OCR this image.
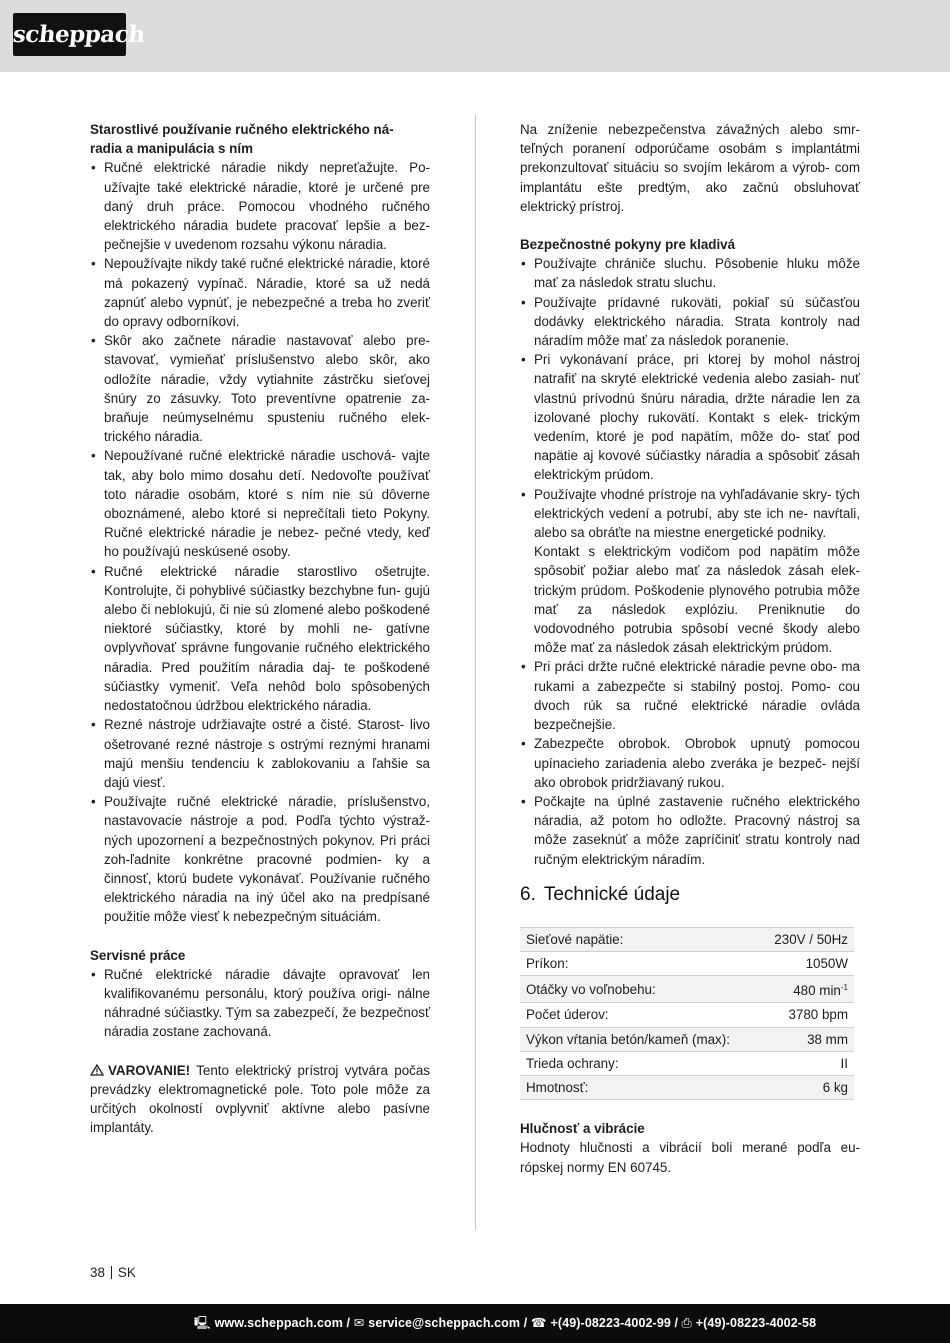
scheppach
Starostlivé používanie ručného elektrického ná-
radia a manipulácia s ním
• Ručné elektrické náradie nikdy nepreťažujte. Po- užívajte také elektrické náradie, ktoré je určené pre daný druh práce. Pomocou vhodného ručného elektrického náradia budete pracovať lepšie a bez- pečnejšie v uvedenom rozsahu výkonu náradia.
• Nepoužívajte nikdy také ručné elektrické náradie, ktoré má pokazený vypínač. Náradie, ktoré sa už nedá zapnúť alebo vypnúť, je nebezpečné a treba ho zveriť do opravy odborníkovi.
• Skôr ako začnete náradie nastavovať alebo pre- stavovať, vymieňať príslušenstvo alebo skôr, ako odložíte náradie, vždy vytiahnite zástrčku sieťovej šnúry zo zásuvky. Toto preventívne opatrenie za- braňuje neúmyselnému spusteniu ručného elek- trického náradia.
• Nepoužívané ručné elektrické náradie uschová- vajte tak, aby bolo mimo dosahu detí. Nedovoľte používať toto náradie osobám, ktoré s ním nie sú dôverne oboznámené, alebo ktoré si neprečítali tieto Pokyny. Ručné elektrické náradie je nebez- pečné vtedy, keď ho používajú neskúsené osoby.
• Ručné elektrické náradie starostlivo ošetrujte. Kontrolujte, či pohyblivé súčiastky bezchybne fun- gujú alebo či neblokujú, či nie sú zlomené alebo poškodené niektoré súčiastky, ktoré by mohli ne- gatívne ovplyvňovať správne fungovanie ručného elektrického náradia. Pred použitím náradia daj- te poškodené súčiastky vymeniť. Veľa nehôd bolo spôsobených nedostatočnou údržbou elektrického náradia.
• Rezné nástroje udržiavajte ostré a čisté. Starost- livo ošetrované rezné nástroje s ostrými reznými hranami majú menšiu tendenciu k zablokovaniu a ľahšie sa dajú viesť.
• Používajte ručné elektrické náradie, príslušenstvo, nastavovacie nástroje a pod. Podľa týchto výstraž- ných upozornení a bezpečnostných pokynov. Pri práci zoh-ľadnite konkrétne pracovné podmien- ky a činnosť, ktorú budete vykonávať. Používanie ručného elektrického náradia na iný účel ako na predpísané použitie môže viesť k nebezpečným situáciám.
Servisné práce
• Ručné elektrické náradie dávajte opravovať len kvalifikovanému personálu, ktorý používa origi- nálne náhradné súčiastky. Tým sa zabezpečí, že bezpečnosť náradia zostane zachovaná.

VAROVANIE! Tento elektrický prístroj vytvára počas prevádzky elektromagnetické pole. Toto pole môže za určitých okolností ovplyvniť aktívne alebo pasívne implantáty.

Na zníženie nebezpečenstva závažných alebo smr- teľných poranení odporúčame osobám s implantátmi prekonzultovať situáciu so svojím lekárom a výrob- com implantátu ešte predtým, ako začnú obsluhovať elektrický prístroj.

Bezpečnostné pokyny pre kladivá
• Používajte chrániče sluchu. Pôsobenie hluku môže mať za následok stratu sluchu.
• Používajte prídavné rukoväti, pokiaľ sú súčasťou dodávky elektrického náradia. Strata kontroly nad náradím môže mať za následok poranenie.
• Pri vykonávaní práce, pri ktorej by mohol nástroj natrafiť na skryté elektrické vedenia alebo zasiah- nuť vlastnú prívodnú šnúru náradia, držte náradie len za izolované plochy rukovätí. Kontakt s elek- trickým vedením, ktoré je pod napätím, môže do- stať pod napätie aj kovové súčiastky náradia a spôsobiť zásah elektrickým prúdom.
• Používajte vhodné prístroje na vyhľadávanie skry- tých elektrických vedení a potrubí, aby ste ich ne- navŕtali, alebo sa obráťte na miestne energetické podniky.
Kontakt s elektrickým vodičom pod napätím môže spôsobiť požiar alebo mať za následok zásah elek- trickým prúdom. Poškodenie plynového potrubia môže mať za následok explóziu. Preniknutie do vodovodného potrubia spôsobí vecné škody alebo môže mať za následok zásah elektrickým prúdom.
• Pri práci držte ručné elektrické náradie pevne obo- ma rukami a zabezpečte si stabilný postoj. Pomo- cou dvoch rúk sa ručné elektrické náradie ovláda bezpečnejšie.
• Zabezpečte obrobok. Obrobok upnutý pomocou upínacieho zariadenia alebo zveráka je bezpeč- nejší ako obrobok pridržiavaný rukou.
• Počkajte na úplné zastavenie ručného elektrického náradia, až potom ho odložte. Pracovný nástroj sa môže zaseknúť a môže zapríčiniť stratu kontroly nad ručným elektrickým náradím.
6. Technické údaje
Sieťové napätie:	230V / 50Hz
Príkon:	1050W
Otáčky vo voľnobehu:	480 $\min^{-1}$
Počet úderov:	3780 bpm
Výkon vŕtania betón/kameň (max):	38 mm
Trieda ochrany:	II
Hmotnosť:	6 kg
Hlučnosť a vibrácie

Hodnoty hlučnosti a vibrácií boli merané podľa eu- rópskej normy EN 60745.

38 SK
🖳 www.scheppach.com / ✉ service@scheppach.com / ☎ +(49)-08223-4002-99 / ⎙ +(49)-08223-4002-58
